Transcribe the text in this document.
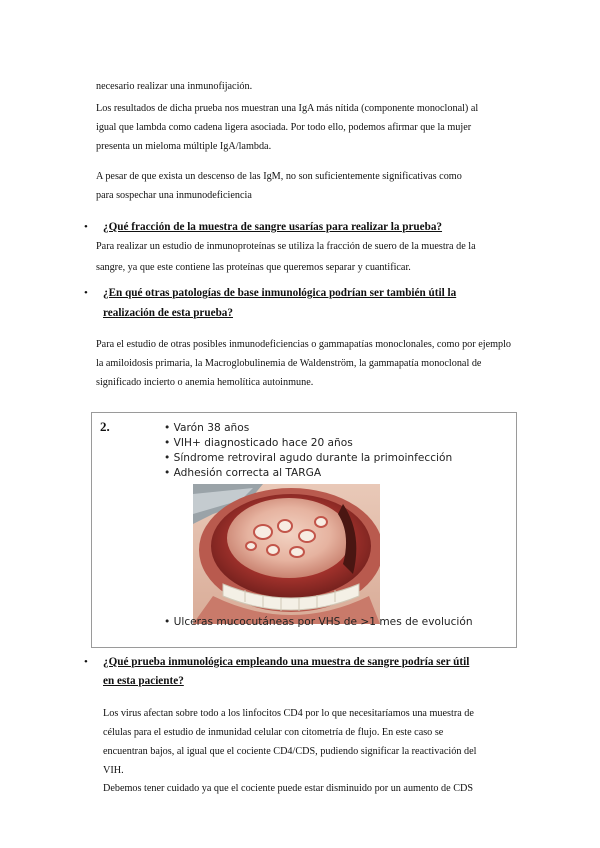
necesario realizar una inmunofijación.
Los resultados de dicha prueba nos muestran una IgA más nítida (componente monoclonal) al
igual que lambda como cadena ligera asociada. Por todo ello, podemos afirmar que la mujer
presenta un mieloma múltiple IgA/lambda.
A pesar de que exista un descenso de las IgM, no son suficientemente significativas como
para sospechar una inmunodeficiencia
• ¿Qué fracción de la muestra de sangre usarías para realizar la prueba?
Para realizar un estudio de inmunoproteínas se utiliza la fracción de suero de la muestra de la
sangre, ya que este contiene las proteínas que queremos separar y cuantificar.
• ¿En qué otras patologías de base inmunológica podrían ser también útil la
realización de esta prueba?
Para el estudio de otras posibles inmunodeficiencias o gammapatías monoclonales, como por ejemplo
la amiloidosis primaria, la Macroglobulinemia de Waldenström, la gammapatía monoclonal de
significado incierto o anemia hemolítica autoinmune.
2.	• Varón 38 años
• VIH+ diagnosticado hace 20 años
• Síndrome retroviral agudo durante la primoinfección
• Adhesión correcta al TARGA
• Ulceras mucocutáneas por VHS de >1 mes de evolución
• ¿Qué prueba inmunológica empleando una muestra de sangre podría ser útil
en esta paciente?
Los virus afectan sobre todo a los linfocitos CD4 por lo que necesitaríamos una muestra de
células para el estudio de inmunidad celular con citometría de flujo. En este caso se
encuentran bajos, al igual que el cociente CD4/CDS, pudiendo significar la reactivación del
VIH.
Debemos tener cuidado ya que el cociente puede estar disminuido por un aumento de CDS
